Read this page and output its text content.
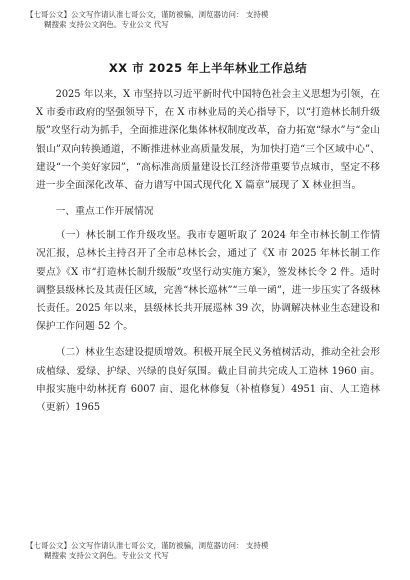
【七哥公文】公文写作请认准七哥公文，谨防被骗，浏览器访问： 支持模
糊搜索 支持公文润色。专业公文 代写
XX 市 2025 年上半年林业工作总结

2025 年以来，X 市坚持以习近平新时代中国特色社会主义思想为引领，在 X 市委市政府的坚强领导下，在 X 市林业局的关心指导下，以“打造林长制升级版”攻坚行动为抓手，全面推进深化集体林权制度改革，奋力拓宽“绿水”与“金山银山”双向转换通道，不断推进林业高质量发展，为加快打造“三个区域中心”、建设“一个美好家园”，“高标准高质量建设长江经济带重要节点城市，坚定不移进一步全面深化改革、奋力谱写中国式现代化 X 篇章”展现了 X 林业担当。

一、重点工作开展情况

（一）林长制工作升级攻坚。我市专题听取了 2024 年全市林长制工作情况汇报，总林长主持召开了全市总林长会，通过了《X 市 2025 年林长制工作要点》《X 市“打造林长制升级版”攻坚行动实施方案》，签发林长令 2 件。适时调整县级林长及其责任区域，完善“林长巡林”“三单一函”，进一步压实了各级林长责任。2025 年以来，县级林长共开展巡林 39 次，协调解决林业生态建设和保护工作问题 52 个。

（二）林业生态建设提质增效。积极开展全民义务植树活动，推动全社会形成植绿、爱绿、护绿、兴绿的良好氛围。截止目前共完成人工造林 1960 亩。申报实施中幼林抚育 6007 亩、退化林修复（补植修复）4951 亩、人工造林（更新）1965

【七哥公文】公文写作请认准七哥公文，谨防被骗，浏览器访问： 支持模
糊搜索 支持公文润色。专业公文 代写
